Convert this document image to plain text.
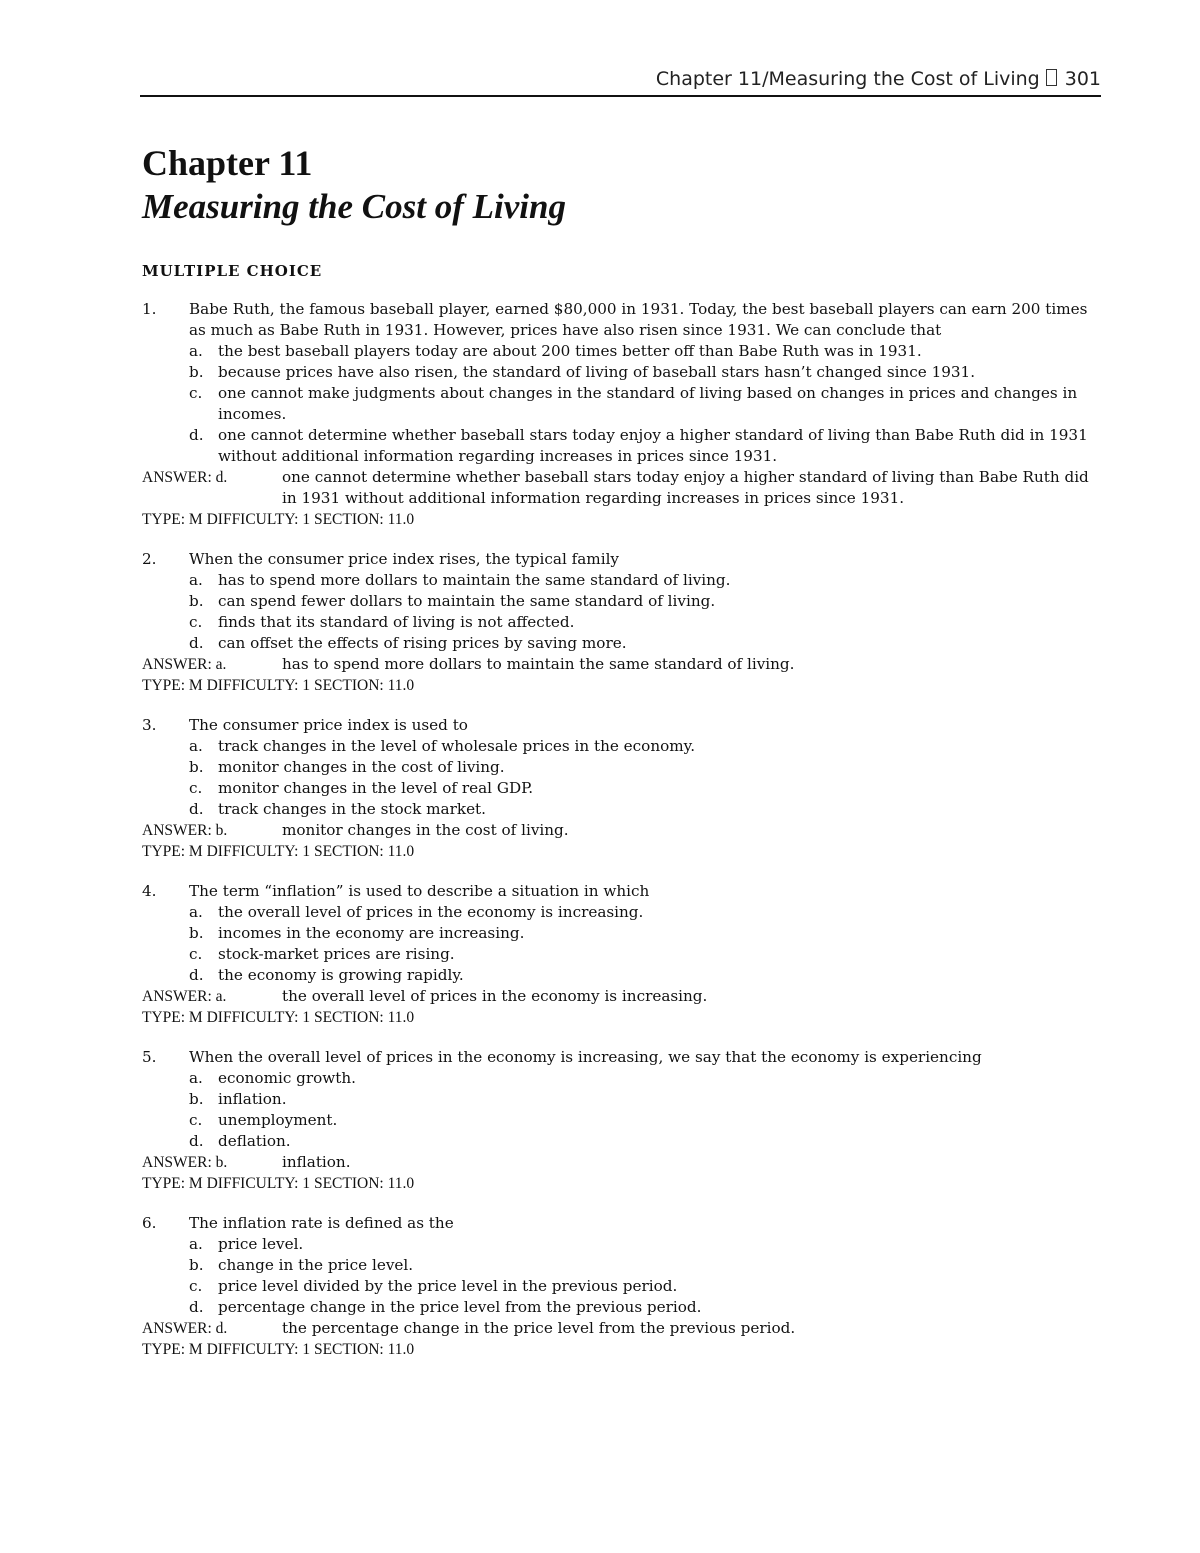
Chapter 11/Measuring the Cost of Living 301
Chapter 11
Measuring the Cost of Living
MULTIPLE CHOICE
1.	Babe Ruth, the famous baseball player, earned $80,000 in 1931. Today, the best baseball players can earn 200 times as much as Babe Ruth in 1931. However, prices have also risen since 1931. We can conclude that
a. the best baseball players today are about 200 times better off than Babe Ruth was in 1931.
b. because prices have also risen, the standard of living of baseball stars hasn’t changed since 1931.
c.	one cannot make judgments about changes in the standard of living based on changes in prices and changes in incomes.
d. one cannot determine whether baseball stars today enjoy a higher standard of living than Babe Ruth did in 1931 without additional information regarding increases in prices since 1931.
ANSWER: d.	one cannot determine whether baseball stars today enjoy a higher standard of living than Babe Ruth did in 1931 without additional information regarding increases in prices since 1931.
TYPE: M DIFFICULTY: 1 SECTION: 11.0
2.	When the consumer price index rises, the typical family
a. has to spend more dollars to maintain the same standard of living.
b. can spend fewer dollars to maintain the same standard of living.
c.	finds that its standard of living is not affected.
d. can offset the effects of rising prices by saving more.
ANSWER: a.	has to spend more dollars to maintain the same standard of living.
TYPE: M DIFFICULTY: 1 SECTION: 11.0
3.	The consumer price index is used to
a. track changes in the level of wholesale prices in the economy.
b. monitor changes in the cost of living.
c.	monitor changes in the level of real GDP.
d. track changes in the stock market.
ANSWER: b.	monitor changes in the cost of living.
TYPE: M DIFFICULTY: 1 SECTION: 11.0
4.	The term “inflation” is used to describe a situation in which
a. the overall level of prices in the economy is increasing.
b. incomes in the economy are increasing.
c.	stock-market prices are rising.
d. the economy is growing rapidly.
ANSWER: a.	the overall level of prices in the economy is increasing.
TYPE: M DIFFICULTY: 1 SECTION: 11.0
5.	When the overall level of prices in the economy is increasing, we say that the economy is experiencing
a. economic growth.
b. inflation.
c.	unemployment.
d. deflation.
ANSWER: b.	inflation.
TYPE: M DIFFICULTY: 1 SECTION: 11.0
6.	The inflation rate is defined as the
a. price level.
b. change in the price level.
c.	price level divided by the price level in the previous period.
d. percentage change in the price level from the previous period.
ANSWER: d.	the percentage change in the price level from the previous period.
TYPE: M DIFFICULTY: 1 SECTION: 11.0
